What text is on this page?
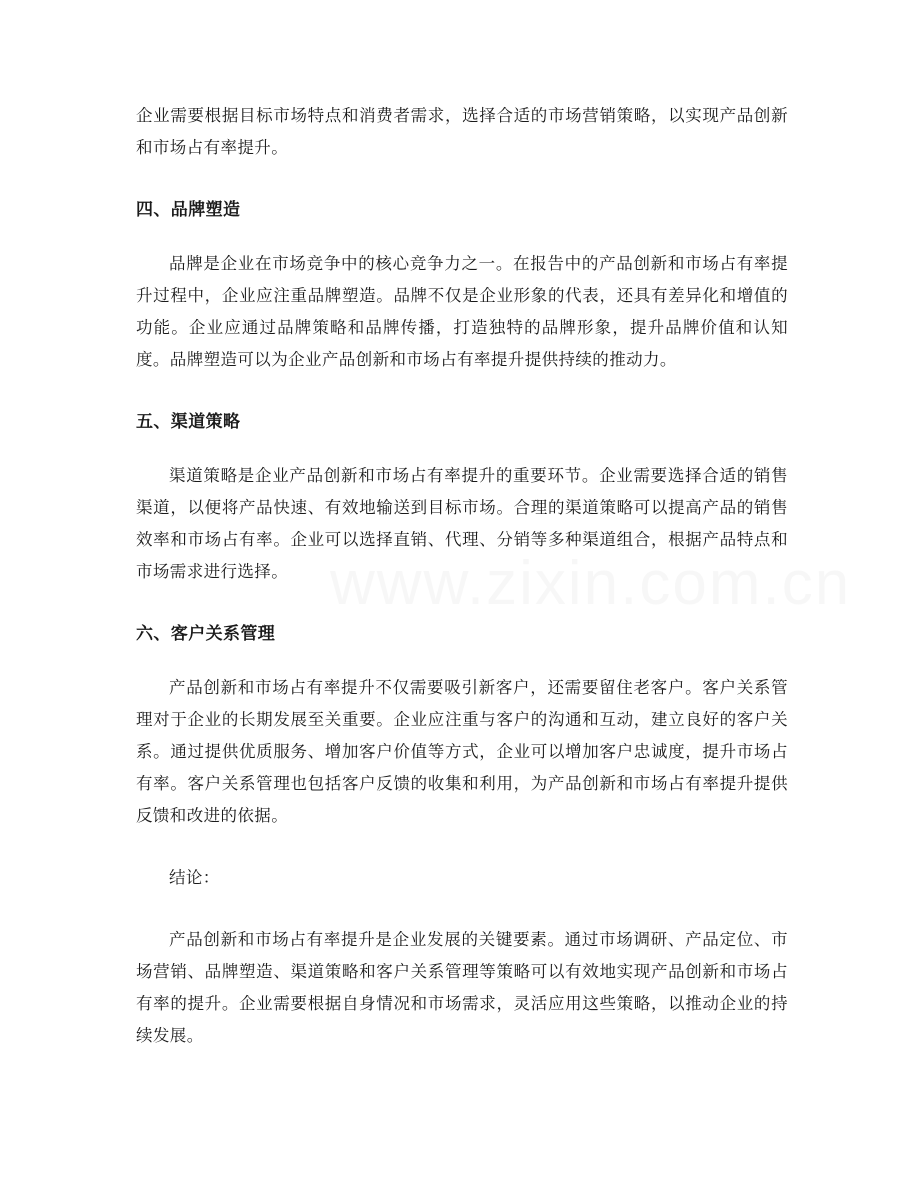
www.zixin.com.cn

企业需要根据目标市场特点和消费者需求，选择合适的市场营销策略，以实现产品创新和市场占有率提升。

四、品牌塑造

品牌是企业在市场竞争中的核心竞争力之一。在报告中的产品创新和市场占有率提升过程中，企业应注重品牌塑造。品牌不仅是企业形象的代表，还具有差异化和增值的功能。企业应通过品牌策略和品牌传播，打造独特的品牌形象，提升品牌价值和认知度。品牌塑造可以为企业产品创新和市场占有率提升提供持续的推动力。

五、渠道策略

渠道策略是企业产品创新和市场占有率提升的重要环节。企业需要选择合适的销售渠道，以便将产品快速、有效地输送到目标市场。合理的渠道策略可以提高产品的销售效率和市场占有率。企业可以选择直销、代理、分销等多种渠道组合，根据产品特点和市场需求进行选择。

六、客户关系管理

产品创新和市场占有率提升不仅需要吸引新客户，还需要留住老客户。客户关系管理对于企业的长期发展至关重要。企业应注重与客户的沟通和互动，建立良好的客户关系。通过提供优质服务、增加客户价值等方式，企业可以增加客户忠诚度，提升市场占有率。客户关系管理也包括客户反馈的收集和利用，为产品创新和市场占有率提升提供反馈和改进的依据。

结论：

产品创新和市场占有率提升是企业发展的关键要素。通过市场调研、产品定位、市场营销、品牌塑造、渠道策略和客户关系管理等策略可以有效地实现产品创新和市场占有率的提升。企业需要根据自身情况和市场需求，灵活应用这些策略，以推动企业的持续发展。
